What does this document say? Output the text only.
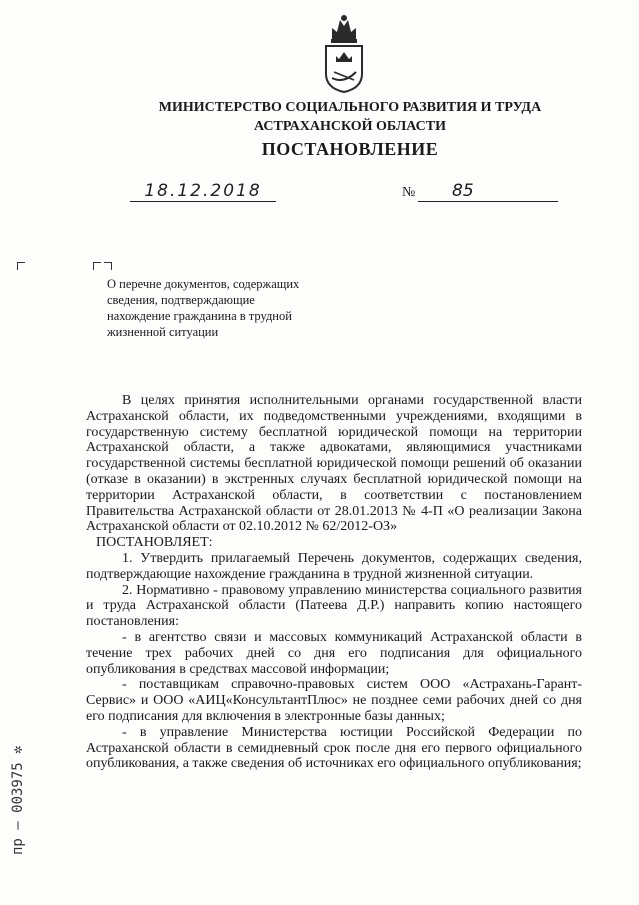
МИНИСТЕРСТВО СОЦИАЛЬНОГО РАЗВИТИЯ И ТРУДА
АСТРАХАНСКОЙ ОБЛАСТИ
ПОСТАНОВЛЕНИЕ
18.12.2018	№	85
О перечне документов, содержащих
сведения, подтверждающие
нахождение гражданина в трудной
жизненной ситуации

В целях принятия исполнительными органами государственной власти Астраханской области, их подведомственными учреждениями, входящими в государственную систему бесплатной юридической помощи на территории Астраханской области, а также адвокатами, являющимися участниками государственной системы бесплатной юридической помощи решений об оказании (отказе в оказании) в экстренных случаях бесплатной юридической помощи на территории Астраханской области, в соответствии с постановлением Правительства Астраханской области от 28.01.2013 № 4-П «О реализации Закона Астраханской области от 02.10.2012 № 62/2012-ОЗ»

ПОСТАНОВЛЯЕТ:

1. Утвердить прилагаемый Перечень документов, содержащих сведения, подтверждающие нахождение гражданина в трудной жизненной ситуации.

2. Нормативно - правовому управлению министерства социального развития и труда Астраханской области (Патеева Д.Р.) направить копию настоящего постановления:

- в агентство связи и массовых коммуникаций Астраханской области в течение трех рабочих дней со дня его подписания для официального опубликования в средствах массовой информации;

- поставщикам справочно-правовых систем ООО «Астрахань-Гарант-Сервис» и ООО «АИЦ«КонсультантПлюс» не позднее семи рабочих дней со дня его подписания для включения в электронные базы данных;

- в управление Министерства юстиции Российской Федерации по Астраханской области в семидневный срок после дня его первого официального опубликования, а также сведения об источниках его официального опубликования;

пр — 003975 ✲
